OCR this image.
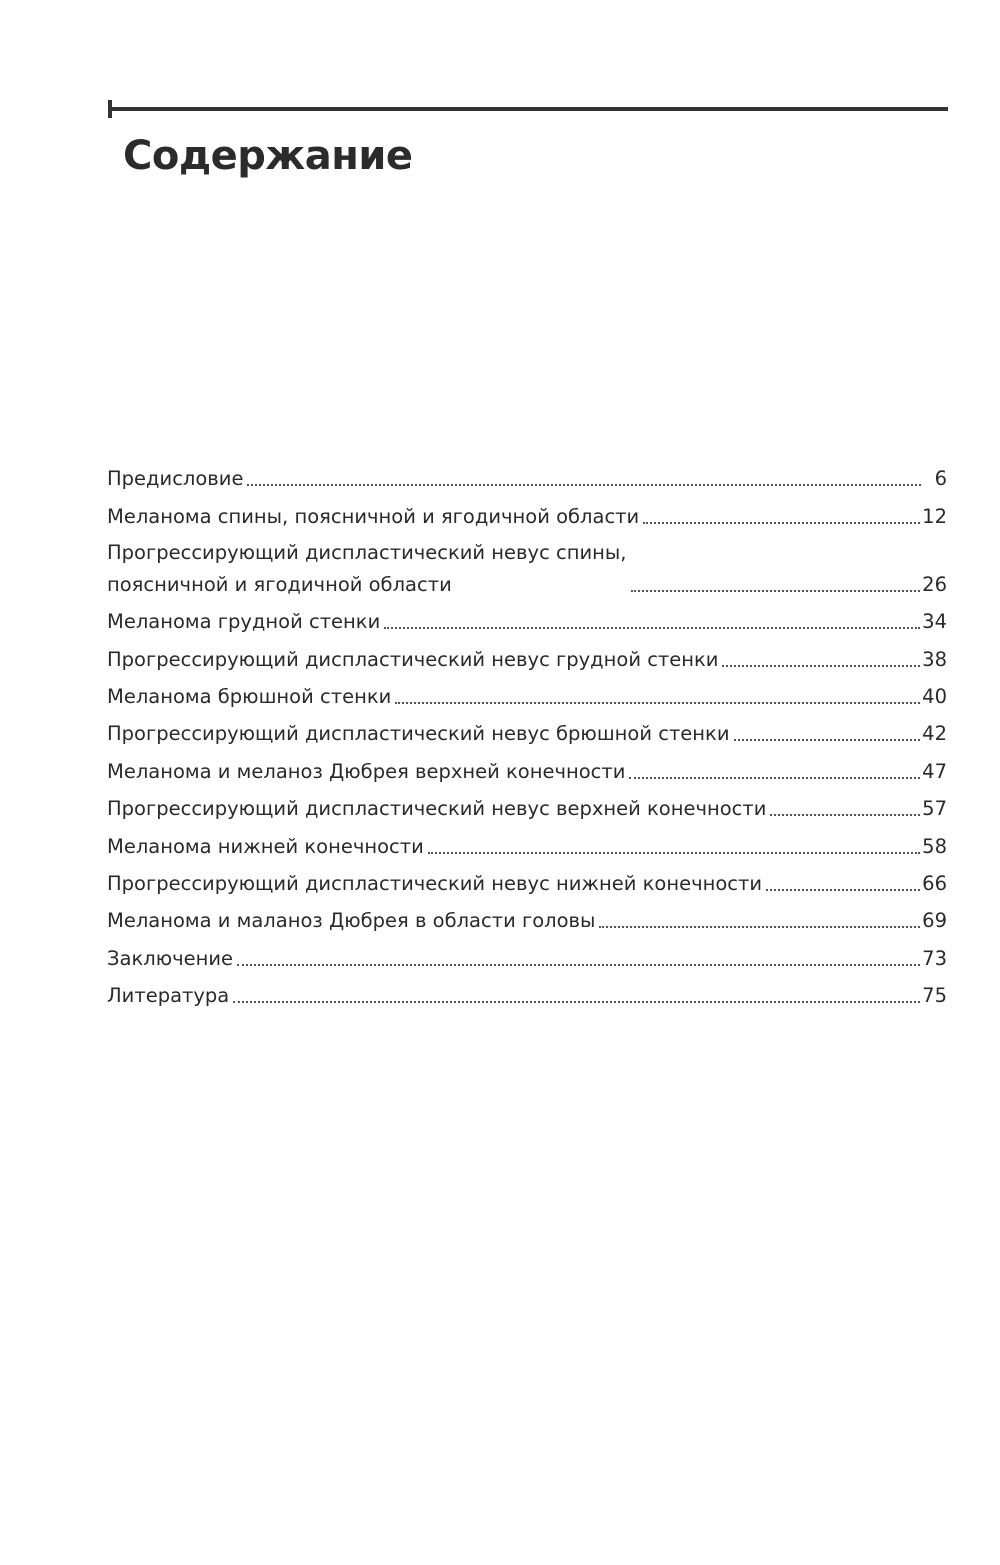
Содержание
Предисловие	6
Меланома спины, поясничной и ягодичной области	12
Прогрессирующий диспластический невус спины,
поясничной и ягодичной области	26
Меланома грудной стенки	34
Прогрессирующий диспластический невус грудной стенки	38
Меланома брюшной стенки	40
Прогрессирующий диспластический невус брюшной стенки	42
Меланома и меланоз Дюбрея верхней конечности	47
Прогрессирующий диспластический невус верхней конечности	57
Меланома нижней конечности	58
Прогрессирующий диспластический невус нижней конечности	66
Меланома и маланоз Дюбрея в области головы	69
Заключение	73
Литература	75
